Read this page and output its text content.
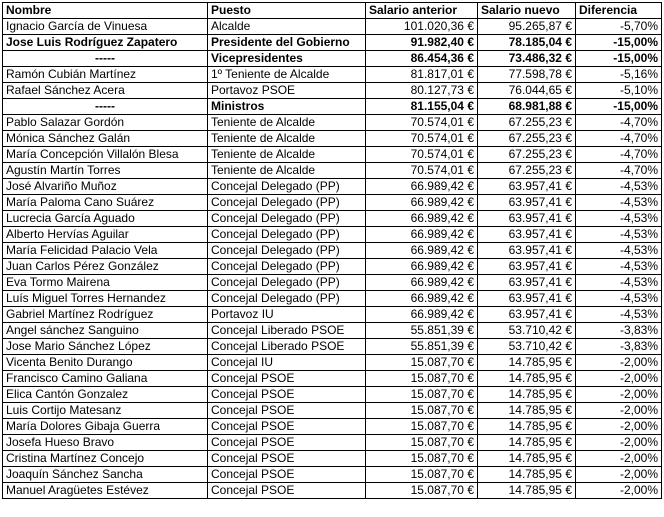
Nombre	Puesto	Salario anterior	Salario nuevo	Diferencia
Ignacio García de Vinuesa	Alcalde	101.020,36 €	95.265,87 €	-5,70%
Jose Luis Rodríguez Zapatero	Presidente del Gobierno	91.982,40 €	78.185,04 €	-15,00%
-----	Vicepresidentes	86.454,36 €	73.486,32 €	-15,00%
Ramón Cubián Martínez	1º Teniente de Alcalde	81.817,01 €	77.598,78 €	-5,16%
Rafael Sánchez Acera	Portavoz PSOE	80.127,73 €	76.044,65 €	-5,10%
-----	Ministros	81.155,04 €	68.981,88 €	-15,00%
Pablo Salazar Gordón	Teniente de Alcalde	70.574,01 €	67.255,23 €	-4,70%
Mónica Sánchez Galán	Teniente de Alcalde	70.574,01 €	67.255,23 €	-4,70%
María Concepción Villalón Blesa	Teniente de Alcalde	70.574,01 €	67.255,23 €	-4,70%
Agustín Martín Torres	Teniente de Alcalde	70.574,01 €	67.255,23 €	-4,70%
José Alvariño Muñoz	Concejal Delegado (PP)	66.989,42 €	63.957,41 €	-4,53%
María Paloma Cano Suárez	Concejal Delegado (PP)	66.989,42 €	63.957,41 €	-4,53%
Lucrecia García Aguado	Concejal Delegado (PP)	66.989,42 €	63.957,41 €	-4,53%
Alberto Hervías Aguilar	Concejal Delegado (PP)	66.989,42 €	63.957,41 €	-4,53%
María Felicidad Palacio Vela	Concejal Delegado (PP)	66.989,42 €	63.957,41 €	-4,53%
Juan Carlos Pérez González	Concejal Delegado (PP)	66.989,42 €	63.957,41 €	-4,53%
Eva Tormo Mairena	Concejal Delegado (PP)	66.989,42 €	63.957,41 €	-4,53%
Luís Miguel Torres Hernandez	Concejal Delegado (PP)	66.989,42 €	63.957,41 €	-4,53%
Gabriel Martínez Rodríguez	Portavoz IU	66.989,42 €	63.957,41 €	-4,53%
Angel sánchez Sanguino	Concejal Liberado PSOE	55.851,39 €	53.710,42 €	-3,83%
Jose Mario Sánchez López	Concejal Liberado PSOE	55.851,39 €	53.710,42 €	-3,83%
Vicenta Benito Durango	Concejal IU	15.087,70 €	14.785,95 €	-2,00%
Francisco Camino Galiana	Concejal PSOE	15.087,70 €	14.785,95 €	-2,00%
Elica Cantón Gonzalez	Concejal PSOE	15.087,70 €	14.785,95 €	-2,00%
Luis Cortijo Matesanz	Concejal PSOE	15.087,70 €	14.785,95 €	-2,00%
María Dolores Gibaja Guerra	Concejal PSOE	15.087,70 €	14.785,95 €	-2,00%
Josefa Hueso Bravo	Concejal PSOE	15.087,70 €	14.785,95 €	-2,00%
Cristina Martínez Concejo	Concejal PSOE	15.087,70 €	14.785,95 €	-2,00%
Joaquín Sánchez Sancha	Concejal PSOE	15.087,70 €	14.785,95 €	-2,00%
Manuel Aragüetes Estévez	Concejal PSOE	15.087,70 €	14.785,95 €	-2,00%
